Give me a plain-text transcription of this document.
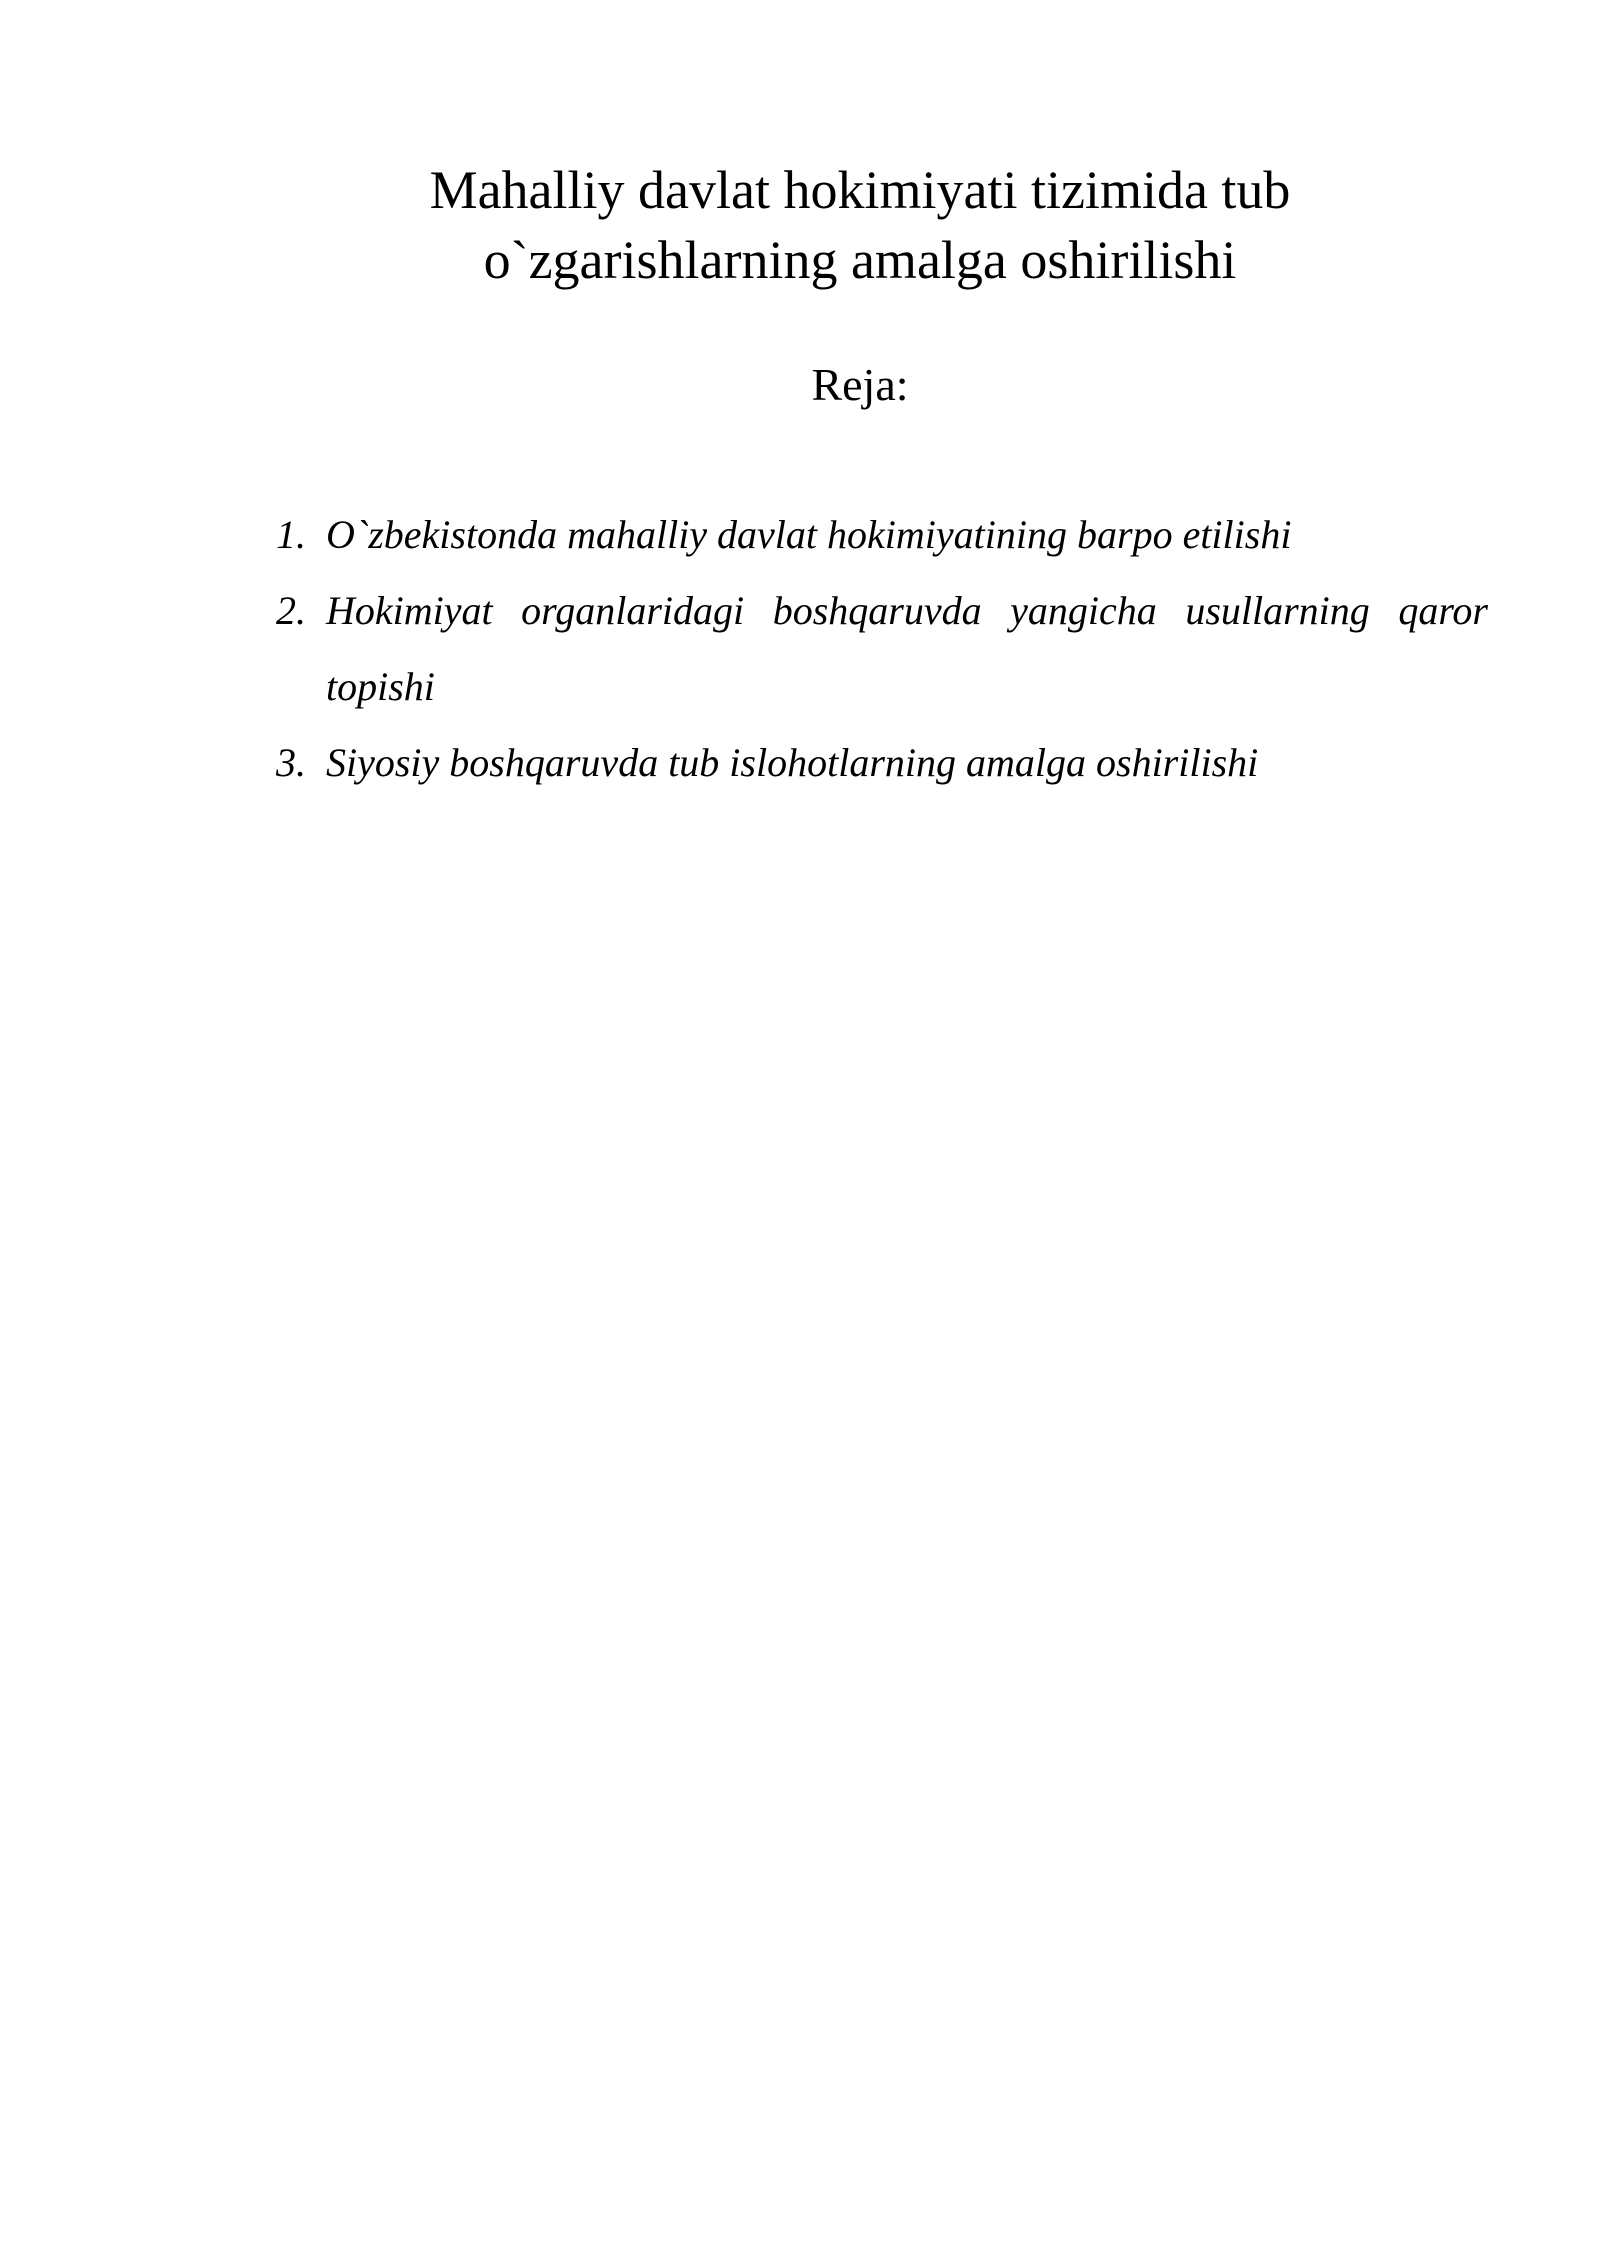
Mahalliy davlat hokimiyati tizimida tub
o`zgarishlarning amalga oshirilishi

Reja:

1. O`zbekistonda mahalliy davlat hokimiyatining barpo etilishi
2. Hokimiyat organlaridagi boshqaruvda yangicha usullarning qaror topishi
3. Siyosiy boshqaruvda tub islohotlarning amalga oshirilishi
